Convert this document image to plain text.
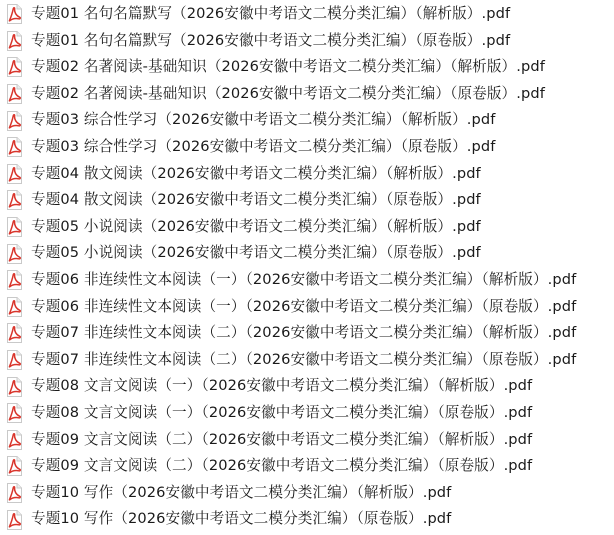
专题01 名句名篇默写（2026安徽中考语文二模分类汇编）（解析版）.pdf
专题01 名句名篇默写（2026安徽中考语文二模分类汇编）（原卷版）.pdf
专题02 名著阅读-基础知识（2026安徽中考语文二模分类汇编）（解析版）.pdf
专题02 名著阅读-基础知识（2026安徽中考语文二模分类汇编）（原卷版）.pdf
专题03 综合性学习（2026安徽中考语文二模分类汇编）（解析版）.pdf
专题03 综合性学习（2026安徽中考语文二模分类汇编）（原卷版）.pdf
专题04 散文阅读（2026安徽中考语文二模分类汇编）（解析版）.pdf
专题04 散文阅读（2026安徽中考语文二模分类汇编）（原卷版）.pdf
专题05 小说阅读（2026安徽中考语文二模分类汇编）（解析版）.pdf
专题05 小说阅读（2026安徽中考语文二模分类汇编）（原卷版）.pdf
专题06 非连续性文本阅读（一）（2026安徽中考语文二模分类汇编）（解析版）.pdf
专题06 非连续性文本阅读（一）（2026安徽中考语文二模分类汇编）（原卷版）.pdf
专题07 非连续性文本阅读（二）（2026安徽中考语文二模分类汇编）（解析版）.pdf
专题07 非连续性文本阅读（二）（2026安徽中考语文二模分类汇编）（原卷版）.pdf
专题08 文言文阅读（一）（2026安徽中考语文二模分类汇编）（解析版）.pdf
专题08 文言文阅读（一）（2026安徽中考语文二模分类汇编）（原卷版）.pdf
专题09 文言文阅读（二）（2026安徽中考语文二模分类汇编）（解析版）.pdf
专题09 文言文阅读（二）（2026安徽中考语文二模分类汇编）（原卷版）.pdf
专题10 写作（2026安徽中考语文二模分类汇编）（解析版）.pdf
专题10 写作（2026安徽中考语文二模分类汇编）（原卷版）.pdf
